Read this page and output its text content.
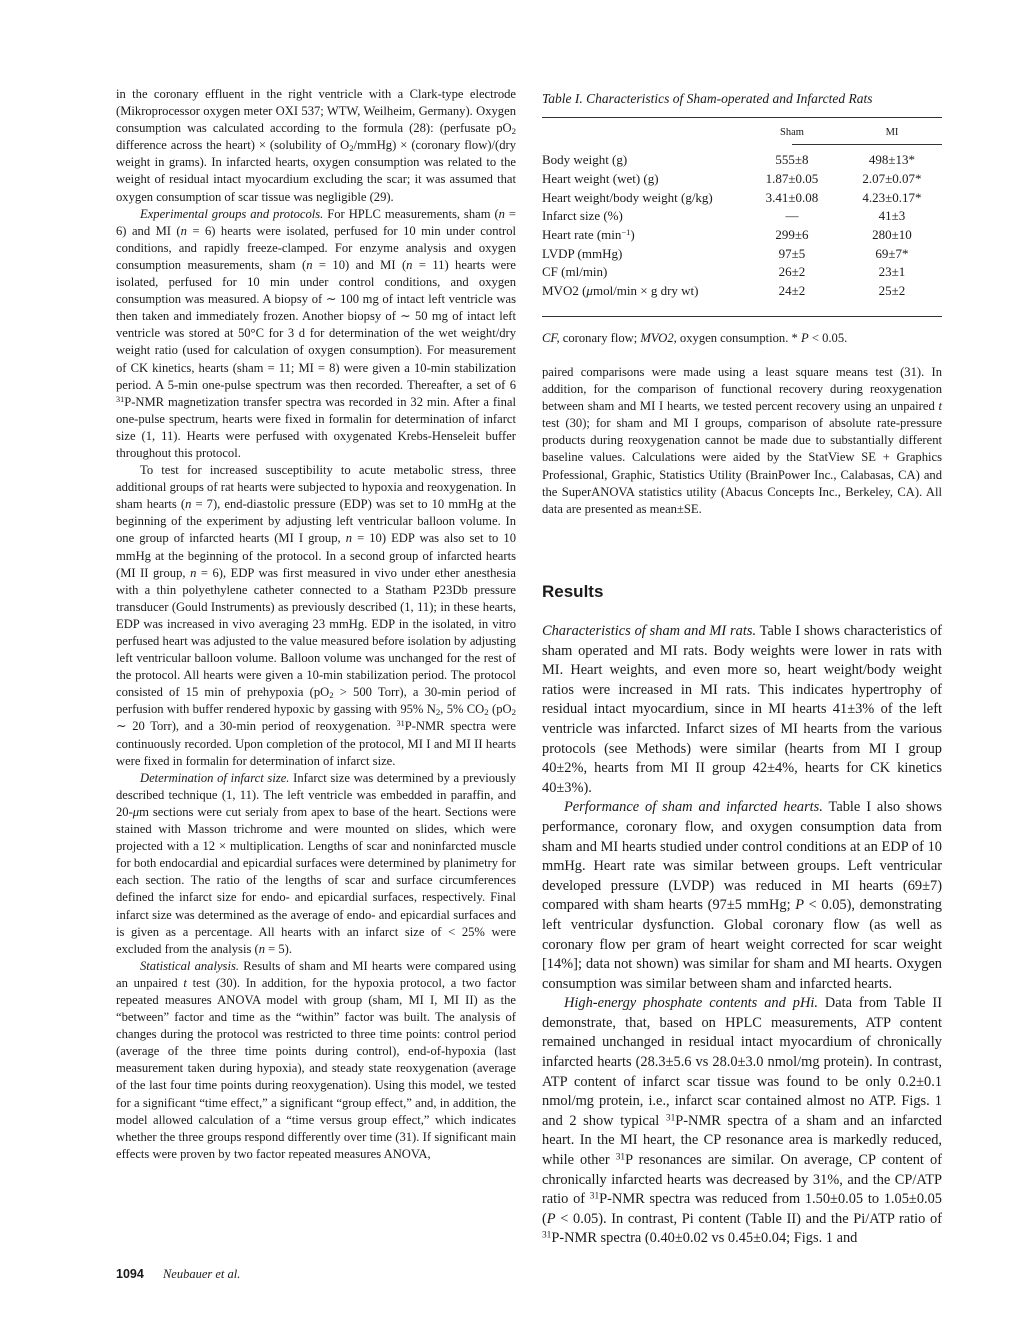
in the coronary effluent in the right ventricle with a Clark-type electrode (Mikroprocessor oxygen meter OXI 537; WTW, Weilheim, Germany). Oxygen consumption was calculated according to the formula (28): (perfusate $pO_2$ difference across the heart) × (solubility of $O_2/mmHg$) × (coronary flow)/(dry weight in grams). In infarcted hearts, oxygen consumption was related to the weight of residual intact myocardium excluding the scar; it was assumed that oxygen consumption of scar tissue was negligible (29).

Experimental groups and protocols. For HPLC measurements, sham (n = 6) and MI (n = 6) hearts were isolated, perfused for 10 min under control conditions, and rapidly freeze-clamped. For enzyme analysis and oxygen consumption measurements, sham (n = 10) and MI (n = 11) hearts were isolated, perfused for 10 min under control conditions, and oxygen consumption was measured. A biopsy of ∼ 100 mg of intact left ventricle was then taken and immediately frozen. Another biopsy of ∼ 50 mg of intact left ventricle was stored at 50°C for 3 d for determination of the wet weight/dry weight ratio (used for calculation of oxygen consumption). For measurement of CK kinetics, hearts (sham = 11; MI = 8) were given a 10-min stabilization period. A 5-min one-pulse spectrum was then recorded. Thereafter, a set of 6 $^{31}$P-NMR magnetization transfer spectra was recorded in 32 min. After a final one-pulse spectrum, hearts were fixed in formalin for determination of infarct size (1, 11). Hearts were perfused with oxygenated Krebs-Henseleit buffer throughout this protocol.

To test for increased susceptibility to acute metabolic stress, three additional groups of rat hearts were subjected to hypoxia and reoxygenation. In sham hearts (n = 7), end-diastolic pressure (EDP) was set to 10 mmHg at the beginning of the experiment by adjusting left ventricular balloon volume. In one group of infarcted hearts (MI I group, n = 10) EDP was also set to 10 mmHg at the beginning of the protocol. In a second group of infarcted hearts (MI II group, n = 6), EDP was first measured in vivo under ether anesthesia with a thin polyethylene catheter connected to a Statham P23Db pressure transducer (Gould Instruments) as previously described (1, 11); in these hearts, EDP was increased in vivo averaging 23 mmHg. EDP in the isolated, in vitro perfused heart was adjusted to the value measured before isolation by adjusting left ventricular balloon volume. Balloon volume was unchanged for the rest of the protocol. All hearts were given a 10-min stabilization period. The protocol consisted of 15 min of prehypoxia ($pO_2 > 500$ Torr), a 30-min period of perfusion with buffer rendered hypoxic by gassing with 95% $N_2$, 5% $CO_2$ ($pO_2$ ∼ 20 Torr), and a 30-min period of reoxygenation. $^{31}$P-NMR spectra were continuously recorded. Upon completion of the protocol, MI I and MI II hearts were fixed in formalin for determination of infarct size.

Determination of infarct size. Infarct size was determined by a previously described technique (1, 11). The left ventricle was embedded in paraffin, and 20-μm sections were cut serialy from apex to base of the heart. Sections were stained with Masson trichrome and were mounted on slides, which were projected with a 12 × multiplication. Lengths of scar and noninfarcted muscle for both endocardial and epicardial surfaces were determined by planimetry for each section. The ratio of the lengths of scar and surface circumferences defined the infarct size for endo- and epicardial surfaces, respectively. Final infarct size was determined as the average of endo- and epicardial surfaces and is given as a percentage. All hearts with an infarct size of < 25% were excluded from the analysis (n = 5).

Statistical analysis. Results of sham and MI hearts were compared using an unpaired t test (30). In addition, for the hypoxia protocol, a two factor repeated measures ANOVA model with group (sham, MI I, MI II) as the “between” factor and time as the “within” factor was built. The analysis of changes during the protocol was restricted to three time points: control period (average of the three time points during control), end-of-hypoxia (last measurement taken during hypoxia), and steady state reoxygenation (average of the last four time points during reoxygenation). Using this model, we tested for a significant “time effect,” a significant “group effect,” and, in addition, the model allowed calculation of a “time versus group effect,” which indicates whether the three groups respond differently over time (31). If significant main effects were proven by two factor repeated measures ANOVA,

Table I. Characteristics of Sham-operated and Infarcted Rats
	Sham	MI
Body weight (g)	555±8	498±13*
Heart weight (wet) (g)	1.87±0.05	2.07±0.07*
Heart weight/body weight (g/kg)	3.41±0.08	4.23±0.17*
Infarct size (%)	—	41±3
Heart rate $(\min^{-1})$	299±6	280±10
LVDP (mmHg)	97±5	69±7*
CF (ml/min)	26±2	23±1
MVO2 (μmol/min × g dry wt)	24±2	25±2
CF, coronary flow; MVO2, oxygen consumption. * P < 0.05.

paired comparisons were made using a least square means test (31). In addition, for the comparison of functional recovery during reoxygenation between sham and MI I hearts, we tested percent recovery using an unpaired t test (30); for sham and MI I groups, comparison of absolute rate-pressure products during reoxygenation cannot be made due to substantially different baseline values. Calculations were aided by the StatView SE + Graphics Professional, Graphic, Statistics Utility (BrainPower Inc., Calabasas, CA) and the SuperANOVA statistics utility (Abacus Concepts Inc., Berkeley, CA). All data are presented as mean±SE.

Results

Characteristics of sham and MI rats. Table I shows characteristics of sham operated and MI rats. Body weights were lower in rats with MI. Heart weights, and even more so, heart weight/body weight ratios were increased in MI rats. This indicates hypertrophy of residual intact myocardium, since in MI hearts 41±3% of the left ventricle was infarcted. Infarct sizes of MI hearts from the various protocols (see Methods) were similar (hearts from MI I group 40±2%, hearts from MI II group 42±4%, hearts for CK kinetics 40±3%).

Performance of sham and infarcted hearts. Table I also shows performance, coronary flow, and oxygen consumption data from sham and MI hearts studied under control conditions at an EDP of 10 mmHg. Heart rate was similar between groups. Left ventricular developed pressure (LVDP) was reduced in MI hearts (69±7) compared with sham hearts (97±5 mmHg; P < 0.05), demonstrating left ventricular dysfunction. Global coronary flow (as well as coronary flow per gram of heart weight corrected for scar weight [14%]; data not shown) was similar for sham and MI hearts. Oxygen consumption was similar between sham and infarcted hearts.

High-energy phosphate contents and pHi. Data from Table II demonstrate, that, based on HPLC measurements, ATP content remained unchanged in residual intact myocardium of chronically infarcted hearts (28.3±5.6 vs 28.0±3.0 nmol/mg protein). In contrast, ATP content of infarct scar tissue was found to be only 0.2±0.1 nmol/mg protein, i.e., infarct scar contained almost no ATP. Figs. 1 and 2 show typical $^{31}$P-NMR spectra of a sham and an infarcted heart. In the MI heart, the CP resonance area is markedly reduced, while other $^{31}$P resonances are similar. On average, CP content of chronically infarcted hearts was decreased by 31%, and the CP/ATP ratio of $^{31}$P-NMR spectra was reduced from 1.50±0.05 to 1.05±0.05 (P < 0.05). In contrast, Pi content (Table II) and the Pi/ATP ratio of $^{31}$P-NMR spectra (0.40±0.02 vs 0.45±0.04; Figs. 1 and

1094 Neubauer et al.
